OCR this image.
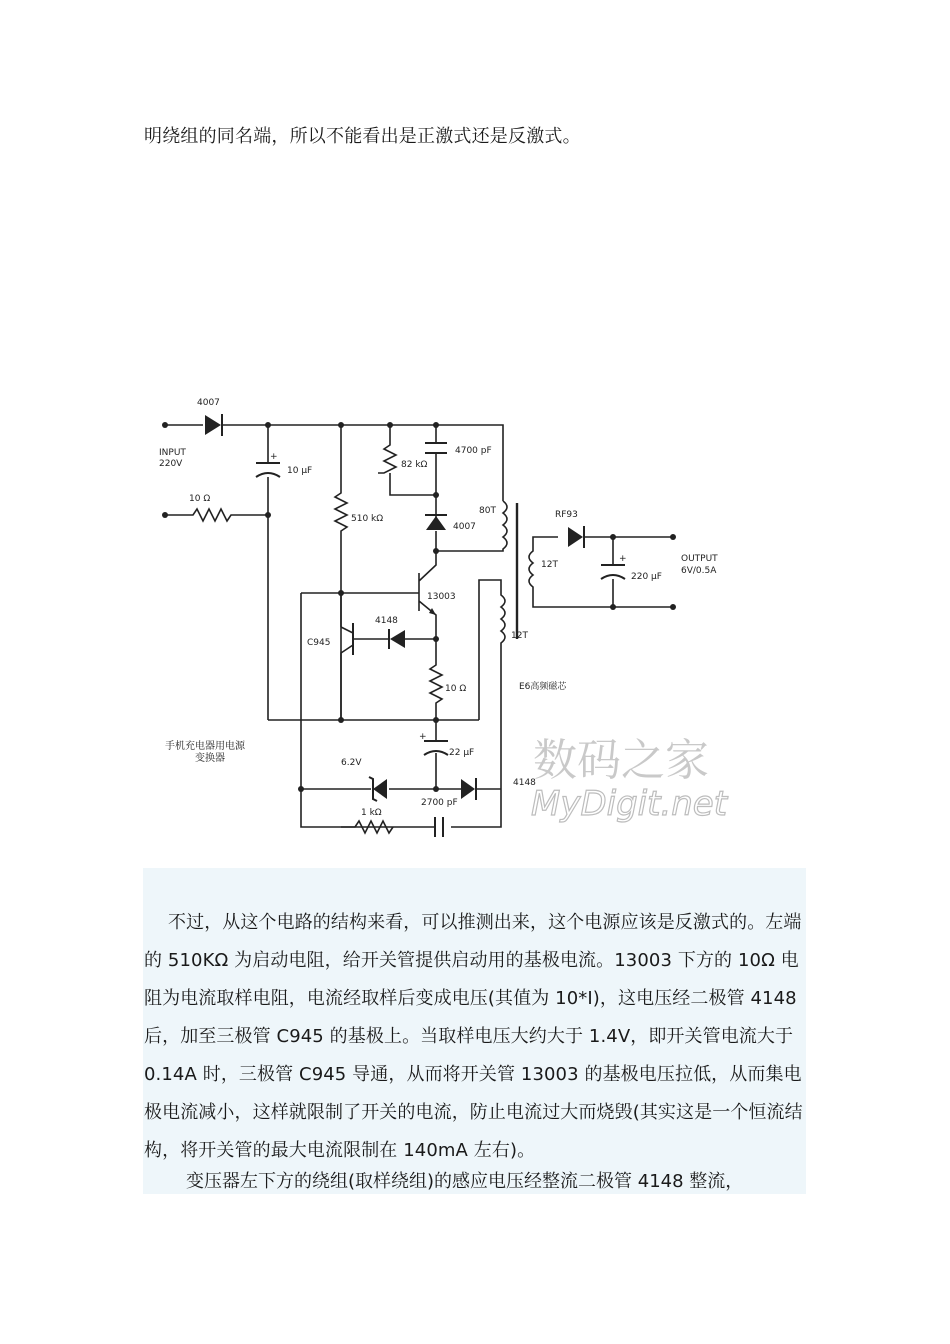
明绕组的同名端，所以不能看出是正激式还是反激式。
数码之家
MyDigit.net
INPUT
220V
4007
10 Ω
+
10 μF
510 kΩ
82 kΩ
4700 pF
4007
80T
13003
C945
4148
10 Ω
12T
+
22 μF
6.2V
4148
1 kΩ
2700 pF
12T
RF93
+
220 μF
OUTPUT
6V/0.5A
E6高频磁芯
手机充电器用电源
变换器

不过，从这个电路的结构来看，可以推测出来，这个电源应该是反激式的。左端的 510KΩ 为启动电阻，给开关管提供启动用的基极电流。13003 下方的 10Ω 电阻为电流取样电阻，电流经取样后变成电压(其值为 10*I)，这电压经二极管 4148 后，加至三极管 C945 的基极上。当取样电压大约大于 1.4V，即开关管电流大于 0.14A 时，三极管 C945 导通，从而将开关管 13003 的基极电压拉低，从而集电极电流减小，这样就限制了开关的电流，防止电流过大而烧毁(其实这是一个恒流结构，将开关管的最大电流限制在 140mA 左右)。

变压器左下方的绕组(取样绕组)的感应电压经整流二极管 4148 整流，
